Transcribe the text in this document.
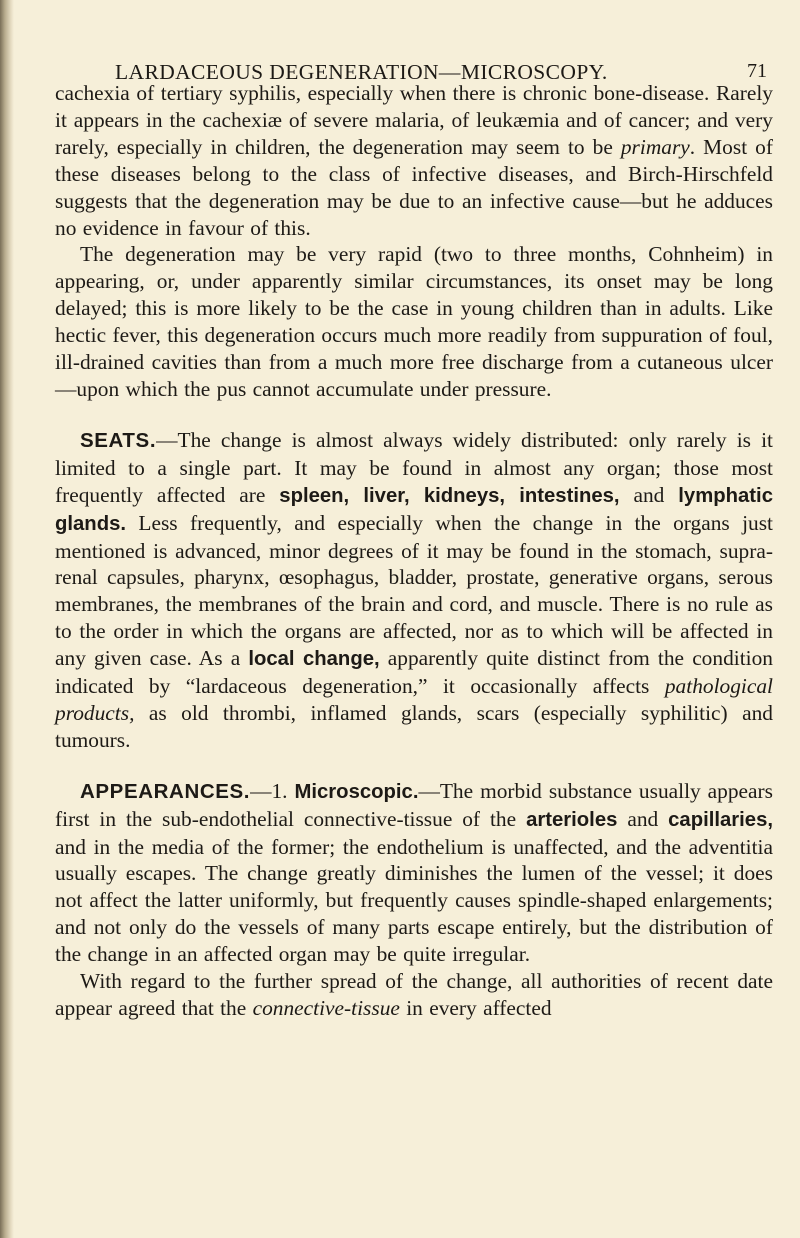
LARDACEOUS DEGENERATION—MICROSCOPY.	71

cachexia of tertiary syphilis, especially when there is chronic bone-disease. Rarely it appears in the cachexiæ of severe malaria, of leukæmia and of cancer; and very rarely, especially in children, the degeneration may seem to be primary. Most of these diseases belong to the class of infective diseases, and Birch-Hirschfeld suggests that the degeneration may be due to an infective cause—but he adduces no evidence in favour of this.

The degeneration may be very rapid (two to three months, Cohnheim) in appearing, or, under apparently similar circumstances, its onset may be long delayed; this is more likely to be the case in young children than in adults. Like hectic fever, this degeneration occurs much more readily from suppuration of foul, ill-drained cavities than from a much more free discharge from a cutaneous ulcer—upon which the pus cannot accumulate under pressure.

SEATS.—The change is almost always widely distributed: only rarely is it limited to a single part. It may be found in almost any organ; those most frequently affected are spleen, liver, kidneys, intestines, and lymphatic glands. Less frequently, and especially when the change in the organs just mentioned is advanced, minor degrees of it may be found in the stomach, supra-renal capsules, pharynx, œsophagus, bladder, prostate, generative organs, serous membranes, the membranes of the brain and cord, and muscle. There is no rule as to the order in which the organs are affected, nor as to which will be affected in any given case. As a local change, apparently quite distinct from the condition indicated by “lardaceous degeneration,” it occasionally affects pathological products, as old thrombi, inflamed glands, scars (especially syphilitic) and tumours.

APPEARANCES.—1. Microscopic.—The morbid substance usually appears first in the sub-endothelial connective-tissue of the arterioles and capillaries, and in the media of the former; the endothelium is unaffected, and the adventitia usually escapes. The change greatly diminishes the lumen of the vessel; it does not affect the latter uniformly, but frequently causes spindle-shaped enlargements; and not only do the vessels of many parts escape entirely, but the distribution of the change in an affected organ may be quite irregular.

With regard to the further spread of the change, all authorities of recent date appear agreed that the connective-tissue in every affected
